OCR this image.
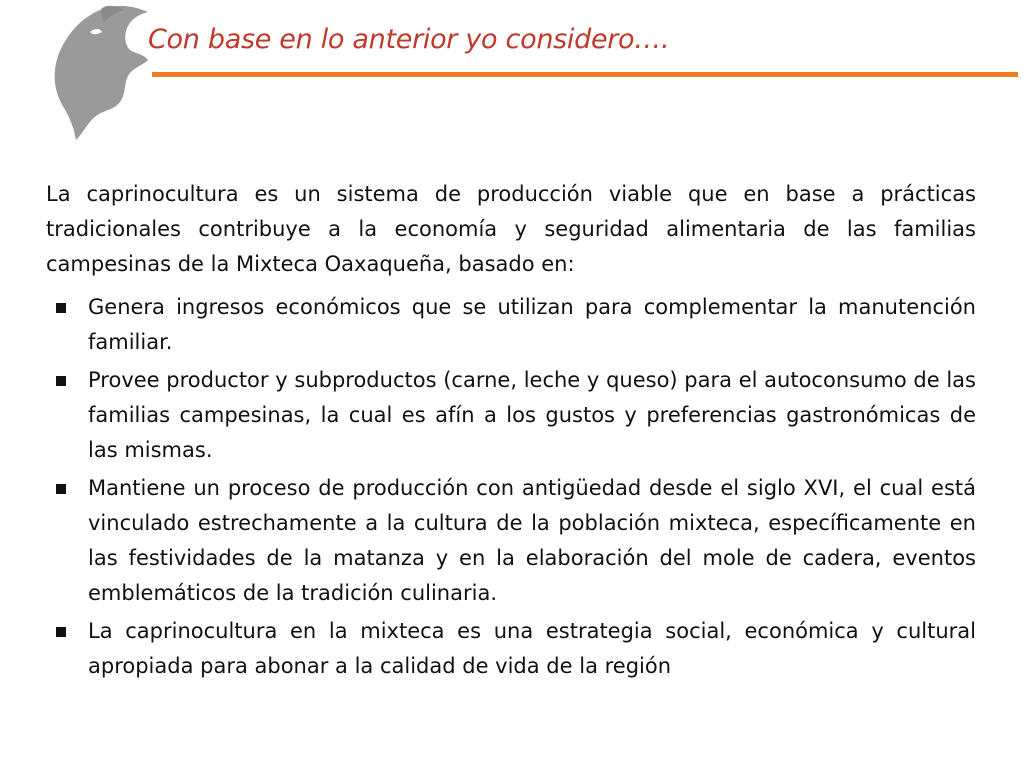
Con base en lo anterior yo considero….

La caprinocultura es un sistema de producción viable que en base a prácticas tradicionales contribuye a la economía y seguridad alimentaria de las familias campesinas de la Mixteca Oaxaqueña, basado en:

Genera ingresos económicos que se utilizan para complementar la manutención familiar.
Provee productor y subproductos (carne, leche y queso) para el autoconsumo de las familias campesinas, la cual es afín a los gustos y preferencias gastronómicas de las mismas.
Mantiene un proceso de producción con antigüedad desde el siglo XVI, el cual está vinculado estrechamente a la cultura de la población mixteca, específicamente en las festividades de la matanza y en la elaboración del mole de cadera, eventos emblemáticos de la tradición culinaria.
La caprinocultura en la mixteca es una estrategia social, económica y cultural apropiada para abonar a la calidad de vida de la región
